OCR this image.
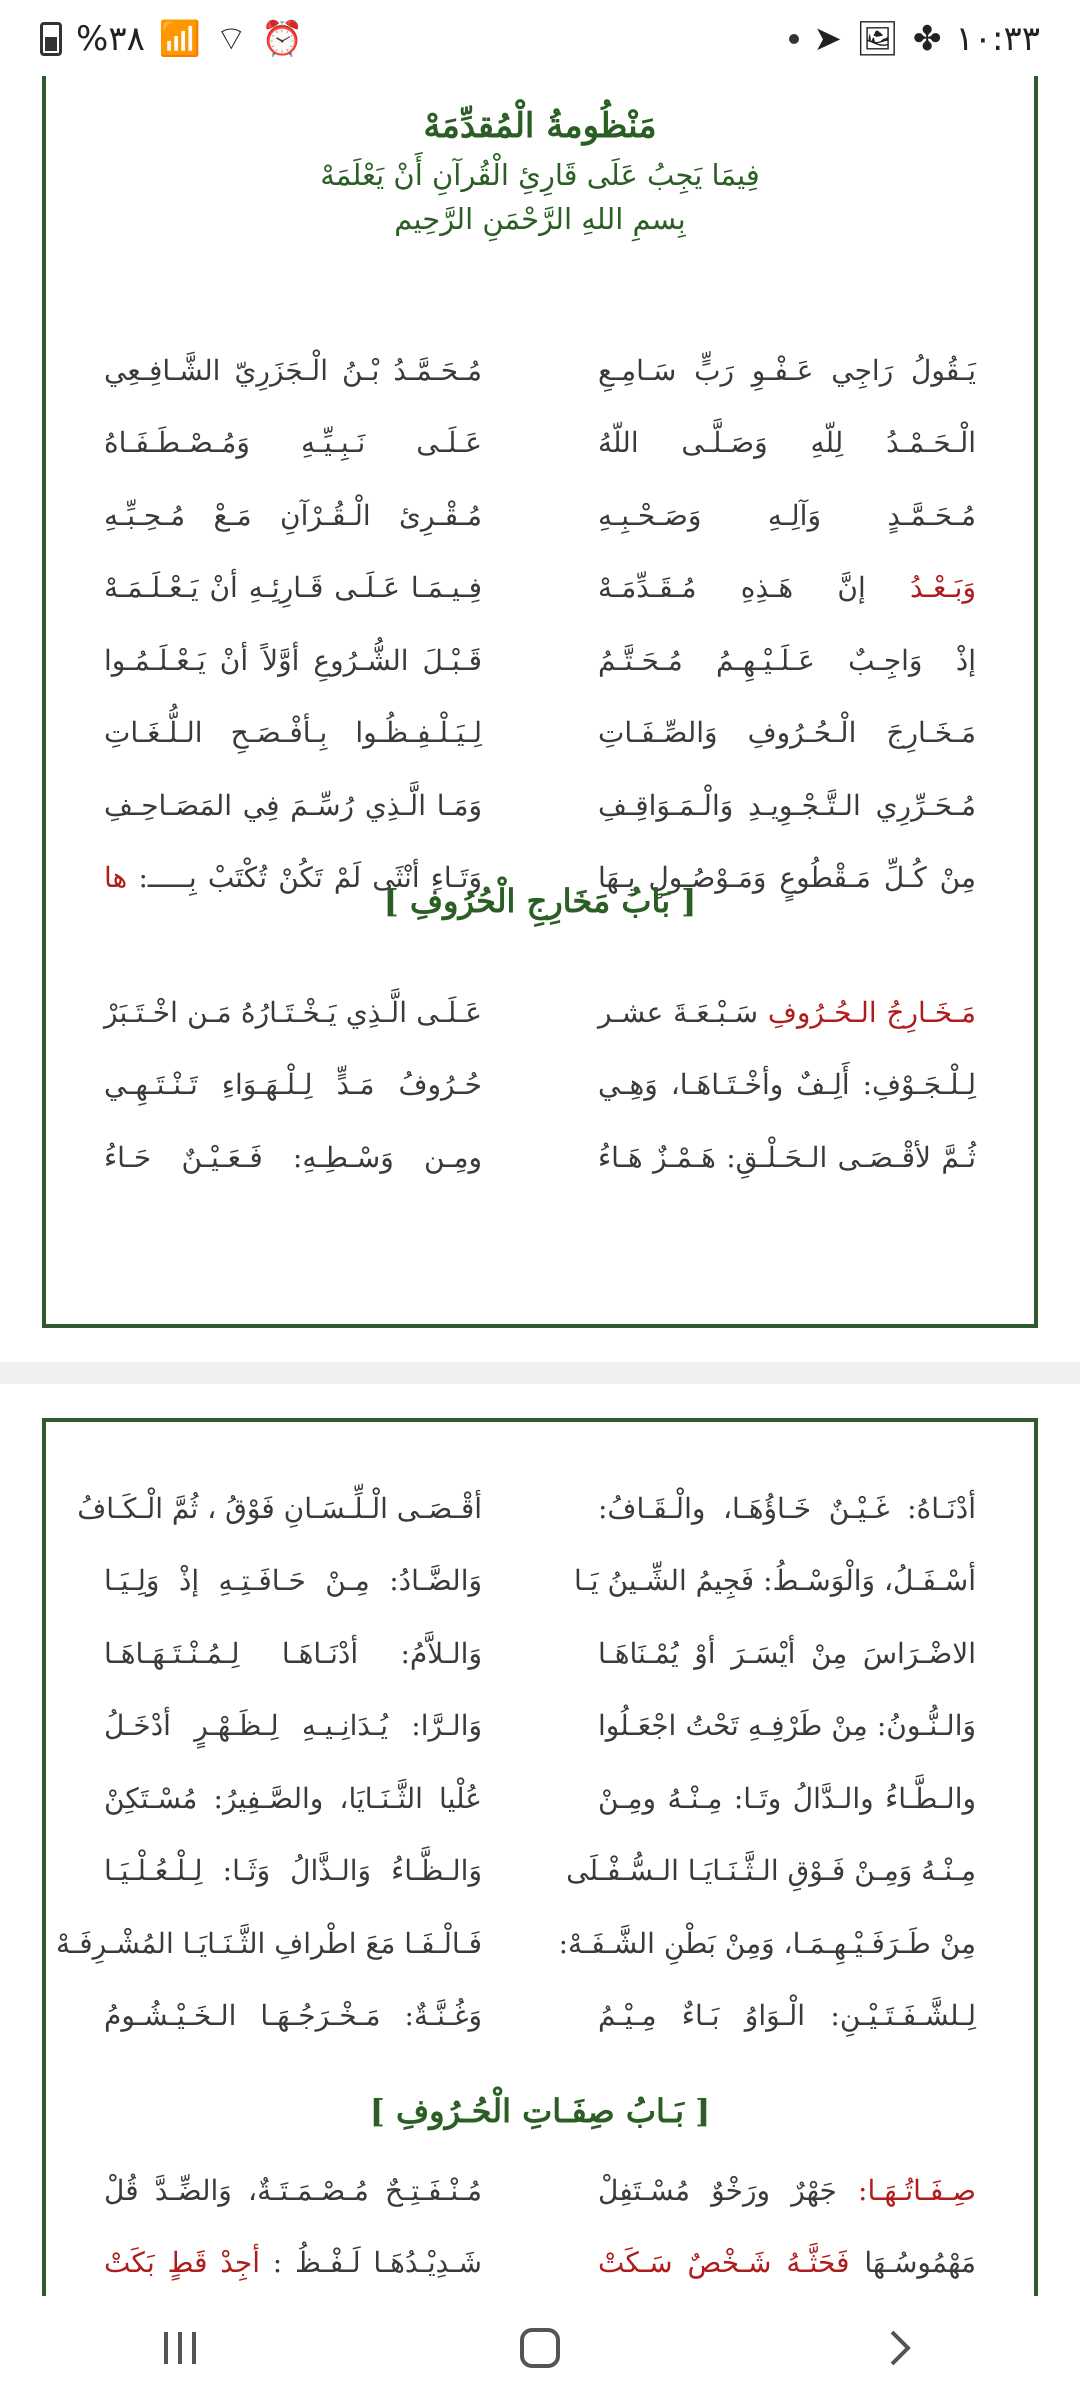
%٣٨ 📶 ⌔ ⏰	➤ 🖼 ✤ ١٠:٣٣
مَنْظُومةُ الْمُقدِّمَهْ
فِيمَا يَجِبُ عَلَى قَارِئِ الْقُرآنِ أَنْ يَعْلَمَهْ
بِسمِ اللهِ الرَّحْمَنِ الرَّحِيم
يَـقُولُ رَاجِي عَـفْـوِ رَبٍّ سَـامِـعِ
مُـحَـمَّـدُ بْـنُ الْـجَزَرِيّ الشَّـافِـعِي
الْـحَـمْـدُ لِلّهِ وَصَـلَّـى اللّهُ
عَـلَـى نَـبِـيِّـهِ وَمُـصْـطَـفَـاهُ
مُـحَـمَّـدٍ وَآلِـهِ وَصَـحْـبِـهِ
مُـقْـرِئ الْـقُـرْآنِ مَـعْ مُـحِـبِّـهِ
وَبَـعْـدُ إنَّ هَـذِهِ مُـقَـدِّمَـهْ
فِـيـمَـا عَـلَـى قَـارِئِـهِ أنْ يَـعْـلَـمَـهْ
إذْ وَاجِـبٌ عَـلَـيْـهِـمُ مُـحَـتَّـمُ
قَـبْـلَ الشُّـرُوعِ أوَّلاً أنْ يَـعْـلَـمُـوا
مَـخَـارِجَ الْـحُـرُوفِ وَالصِّـفَـاتِ
لِـيَـلْـفِـظُـوا بِـأفْـصَـحِ الـلُّـغَـاتِ
مُـحَـرِّرِي الـتَّـجْـوِيـدِ وَالْـمَـوَاقِـفِ
وَمَـا الَّـذِي رُسِّـمَ فِي المَصَـاحِـفِ
مِنْ كُـلِّ مَـقْطُوعٍ وَمَـوْصُـولٍ بِـهَا
وَتَـاءِ أنْثَى لَمْ تَكُنْ تُكْتَبْ بِـــــ: ها
[ بَابُ مَخَارِجِ الْحُرُوفِ ]
مَـخَـارِجُ الـحُـرُوفِ سَـبْـعَـةَ عشـر
عَـلَـى الَّـذِي يَـخْـتَـارُهُ مَـن اخْـتَـبَرْ
لِـلْـجَـوْفِ: أَلِـفٌ وأخْـتَـاهَـا، وَهِـي
حُـرُوفُ مَـدٍّ لِـلْـهَـوَاءِ تَـنْـتَـهِـي
ثُـمَّ لأقْـصَـى الـحَـلْـقِ: هَـمْـزٌ هَـاءُ
ومِـن وَسْـطِـهِ: فَـعَـيْـنٌ حَـاءُ
أدْنَـاهُ: غَـيْـنٌ خَـاؤُهَـا، والْـقَـافُ:
أقْـصَـى الْـلِّـسَـانِ فَوْقُ ، ثُمَّ الْـكَـافُ
أسْـفَـلُ، وَالْوَسْـطُ: فَجِيمُ الشِّـينُ يَـا
وَالضَّـادُ: مِـنْ حَـافَـتِـهِ إذْ وَلِـيَـا
الاضْـرَاسَ مِنْ أيْسَـرَ أوْ يُمْـنَاهَـا
وَالـلاَّمُ: أدْنَـاهَـا لِـمُـنْـتَـهَـاهَـا
وَالـنُّـونُ: مِنْ طَرْفِـهِ تَحْتُ اجْعَـلُوا
وَالـرَّا: يُـدَانِـيـهِ لِـظَـهْـرٍ أدْخَـلُ
والـطَّـاءُ والـدَّالُ وتَـا: مِـنْـهُ ومِـنْ
عُلْيا الثَّـنَـايَا، والصَّـفِيرُ: مُسْـتَكِنْ
مِـنْـهُ وَمِـنْ فَـوْقِ الـثَّـنَـايَـا الـسُّـفْـلَى
وَالـظَّـاءُ وَالـذَّالُ وَثَـا: لِـلْـعُـلْـيَـا
مِنْ طَـرَفَـيْـهِـمَـا، وَمِنْ بَطْنِ الشَّـفَـهْ:
فَـالْـفَـا مَعَ اطْرافِ الثَّـنَـايَـا المُشْـرِفَـهْ
لِـلشَّـفَـتَـيْـنِ: الْـوَاوُ بَـاءٌ مِـيْـمُ
وَغُـنَّـةٌ: مَـخْـرَجُـهَـا الـخَـيْـشُـومُ
[ بَـابُ صِفَـاتِ الْحُـرُوفِ ]
صِـفَـاتُـهَـا: جَهْرٌ ورَخْوٌ مُسْـتَفِلْ
مُـنْـفَـتِـحٌ مُـصْـمَـتَـةٌ، وَالضِّـدَّ قُلْ
مَهْمُوسُـهَا فَحَثَّـهُ شَـخْصٌ سَـكَتْ
شَـدِيْـدُهَـا لَـفْـظُ : أجِدْ قَطٍ بَكَتْ
